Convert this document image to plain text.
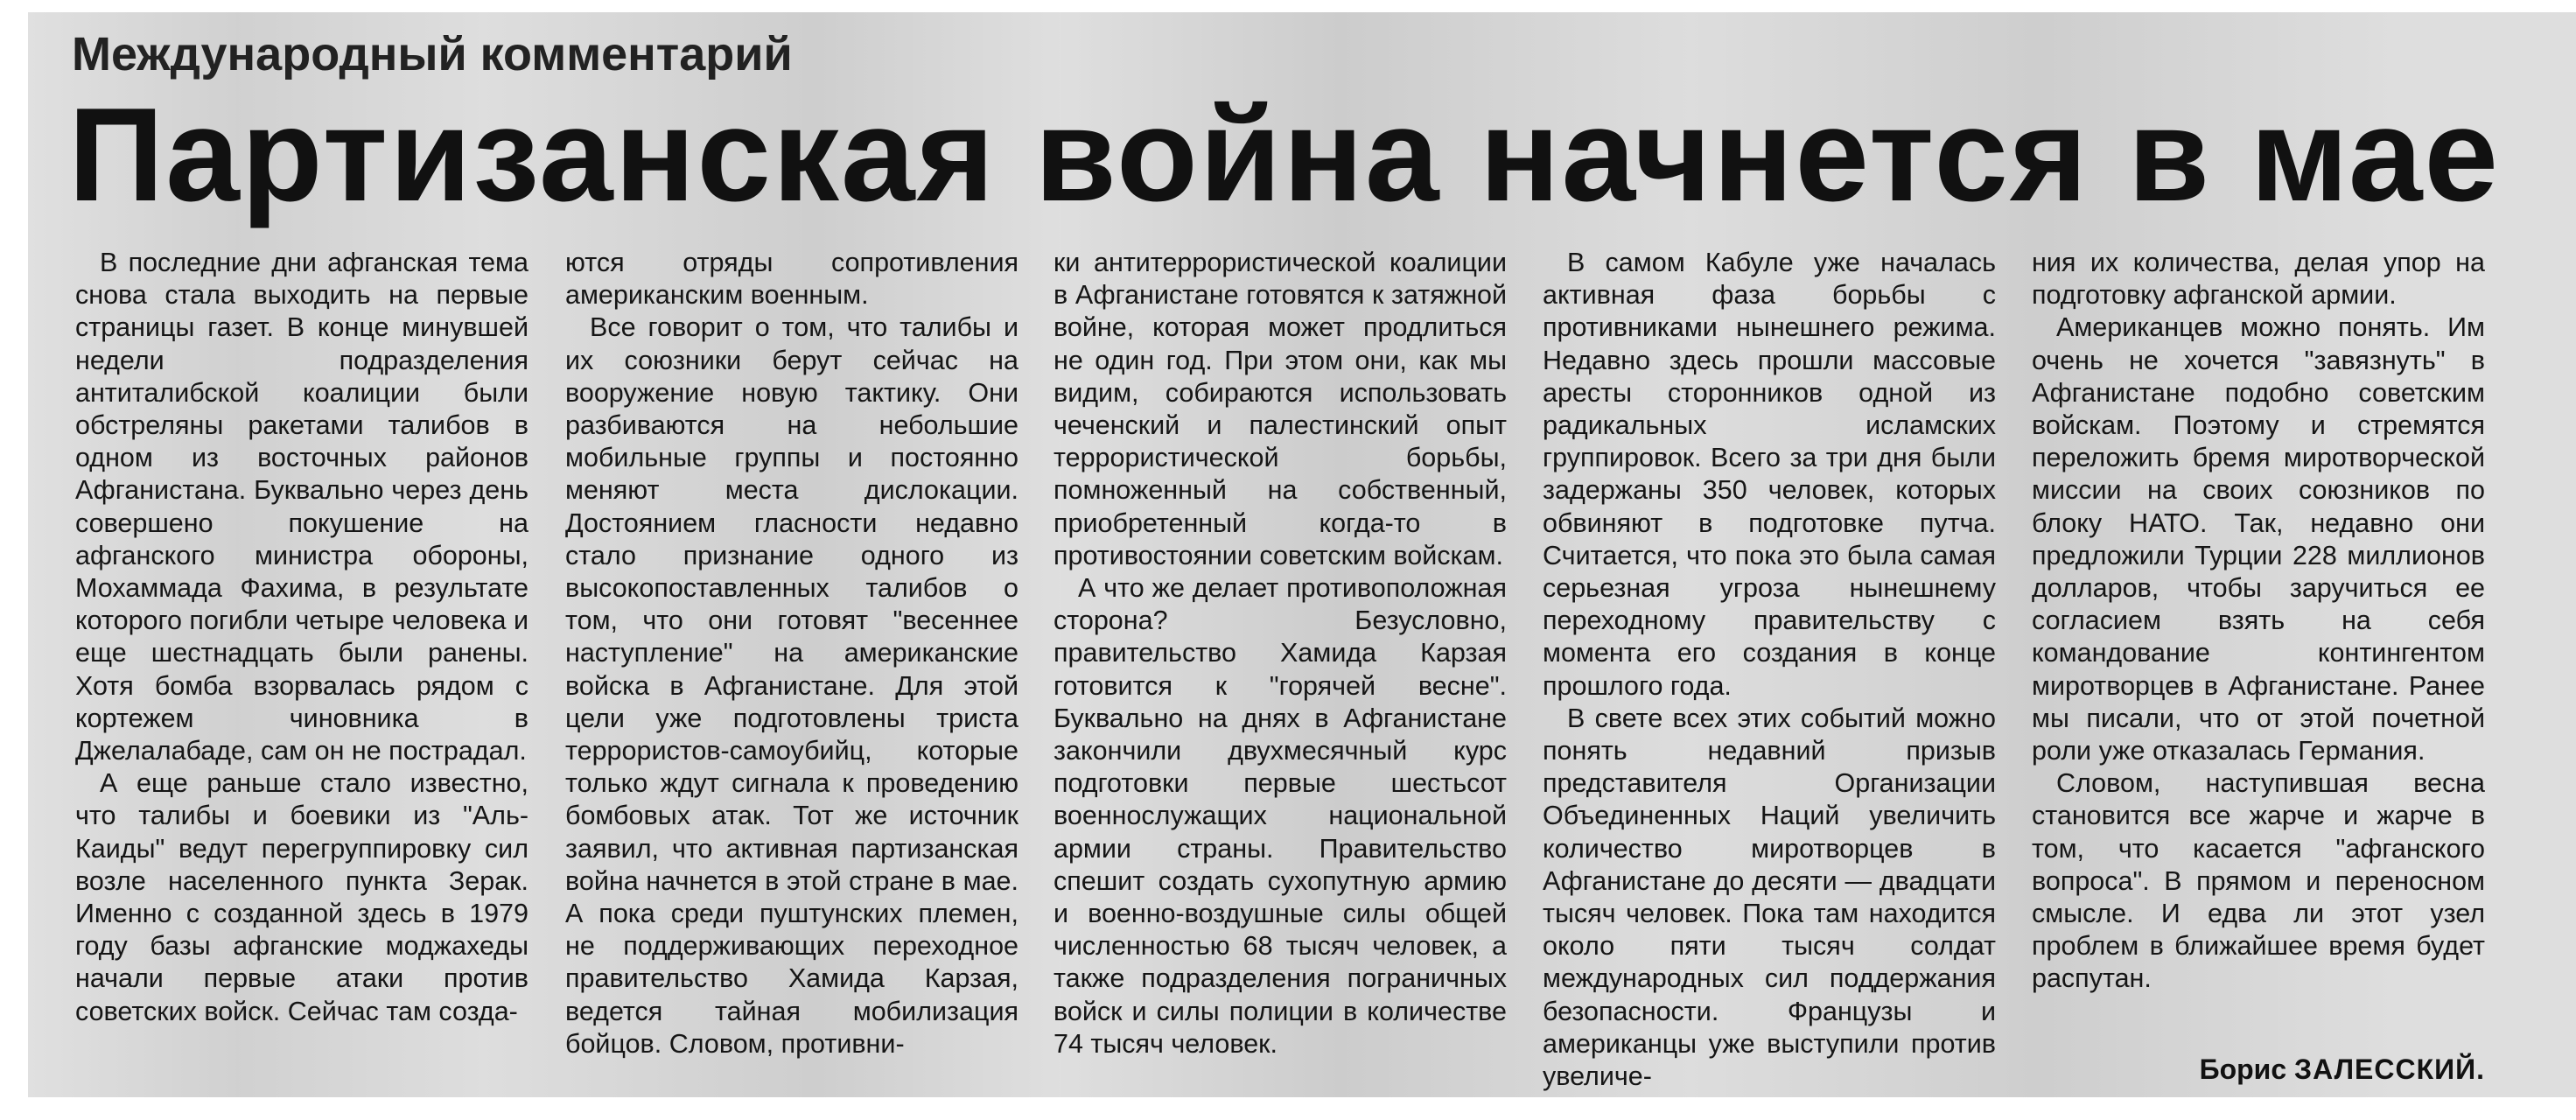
Международный комментарий
Партизанская война начнется в мае

В последние дни афганская тема снова стала выходить на первые страницы газет. В конце минувшей недели подразделения антиталибской коалиции были обстреляны ракетами талибов в одном из восточных районов Афганистана. Буквально через день совершено покушение на афганского министра обороны, Мохаммада Фахима, в результате которого погибли четыре человека и еще шестнадцать были ранены. Хотя бомба взорвалась рядом с кортежем чиновника в Джелалабаде, сам он не пострадал.

А еще раньше стало известно, что талибы и боевики из "Аль-Каиды" ведут перегруппировку сил возле населенного пункта Зерак. Именно с созданной здесь в 1979 году базы афганские моджахеды начали первые атаки против советских войск. Сейчас там созда-

ются отряды сопротивления американским военным.

Все говорит о том, что талибы и их союзники берут сейчас на вооружение новую тактику. Они разбиваются на небольшие мобильные группы и постоянно меняют места дислокации. Достоянием гласности недавно стало признание одного из высокопоставленных талибов о том, что они готовят "весеннее наступление" на американские войска в Афганистане. Для этой цели уже подготовлены триста террористов-самоубийц, которые только ждут сигнала к проведению бомбовых атак. Тот же источник заявил, что активная партизанская война начнется в этой стране в мае. А пока среди пуштунских племен, не поддерживающих переходное правительство Хамида Карзая, ведется тайная мобилизация бойцов. Словом, противни-

ки антитеррористической коалиции в Афганистане готовятся к затяжной войне, которая может продлиться не один год. При этом они, как мы видим, собираются использовать чеченский и палестинский опыт террористической борьбы, помноженный на собственный, приобретенный когда-то в противостоянии советским войскам.

А что же делает противоположная сторона? Безусловно, правительство Хамида Карзая готовится к "горячей весне". Буквально на днях в Афганистане закончили двухмесячный курс подготовки первые шестьсот военнослужащих национальной армии страны. Правительство спешит создать сухопутную армию и военно-воздушные силы общей численностью 68 тысяч человек, а также подразделения пограничных войск и силы полиции в количестве 74 тысяч человек.

В самом Кабуле уже началась активная фаза борьбы с противниками нынешнего режима. Недавно здесь прошли массовые аресты сторонников одной из радикальных исламских группировок. Всего за три дня были задержаны 350 человек, которых обвиняют в подготовке путча. Считается, что пока это была самая серьезная угроза нынешнему переходному правительству с момента его создания в конце прошлого года.

В свете всех этих событий можно понять недавний призыв представителя Организации Объединенных Наций увеличить количество миротворцев в Афганистане до десяти — двадцати тысяч человек. Пока там находится около пяти тысяч солдат международных сил поддержания безопасности. Французы и американцы уже выступили против увеличе-

ния их количества, делая упор на подготовку афганской армии.

Американцев можно понять. Им очень не хочется "завязнуть" в Афганистане подобно советским войскам. Поэтому и стремятся переложить бремя миротворческой миссии на своих союзников по блоку НАТО. Так, недавно они предложили Турции 228 миллионов долларов, чтобы заручиться ее согласием взять на себя командование контингентом миротворцев в Афганистане. Ранее мы писали, что от этой почетной роли уже отказалась Германия.

Словом, наступившая весна становится все жарче и жарче в том, что касается "афганского вопроса". В прямом и переносном смысле. И едва ли этот узел проблем в ближайшее время будет распутан.

Борис ЗАЛЕССКИЙ.
